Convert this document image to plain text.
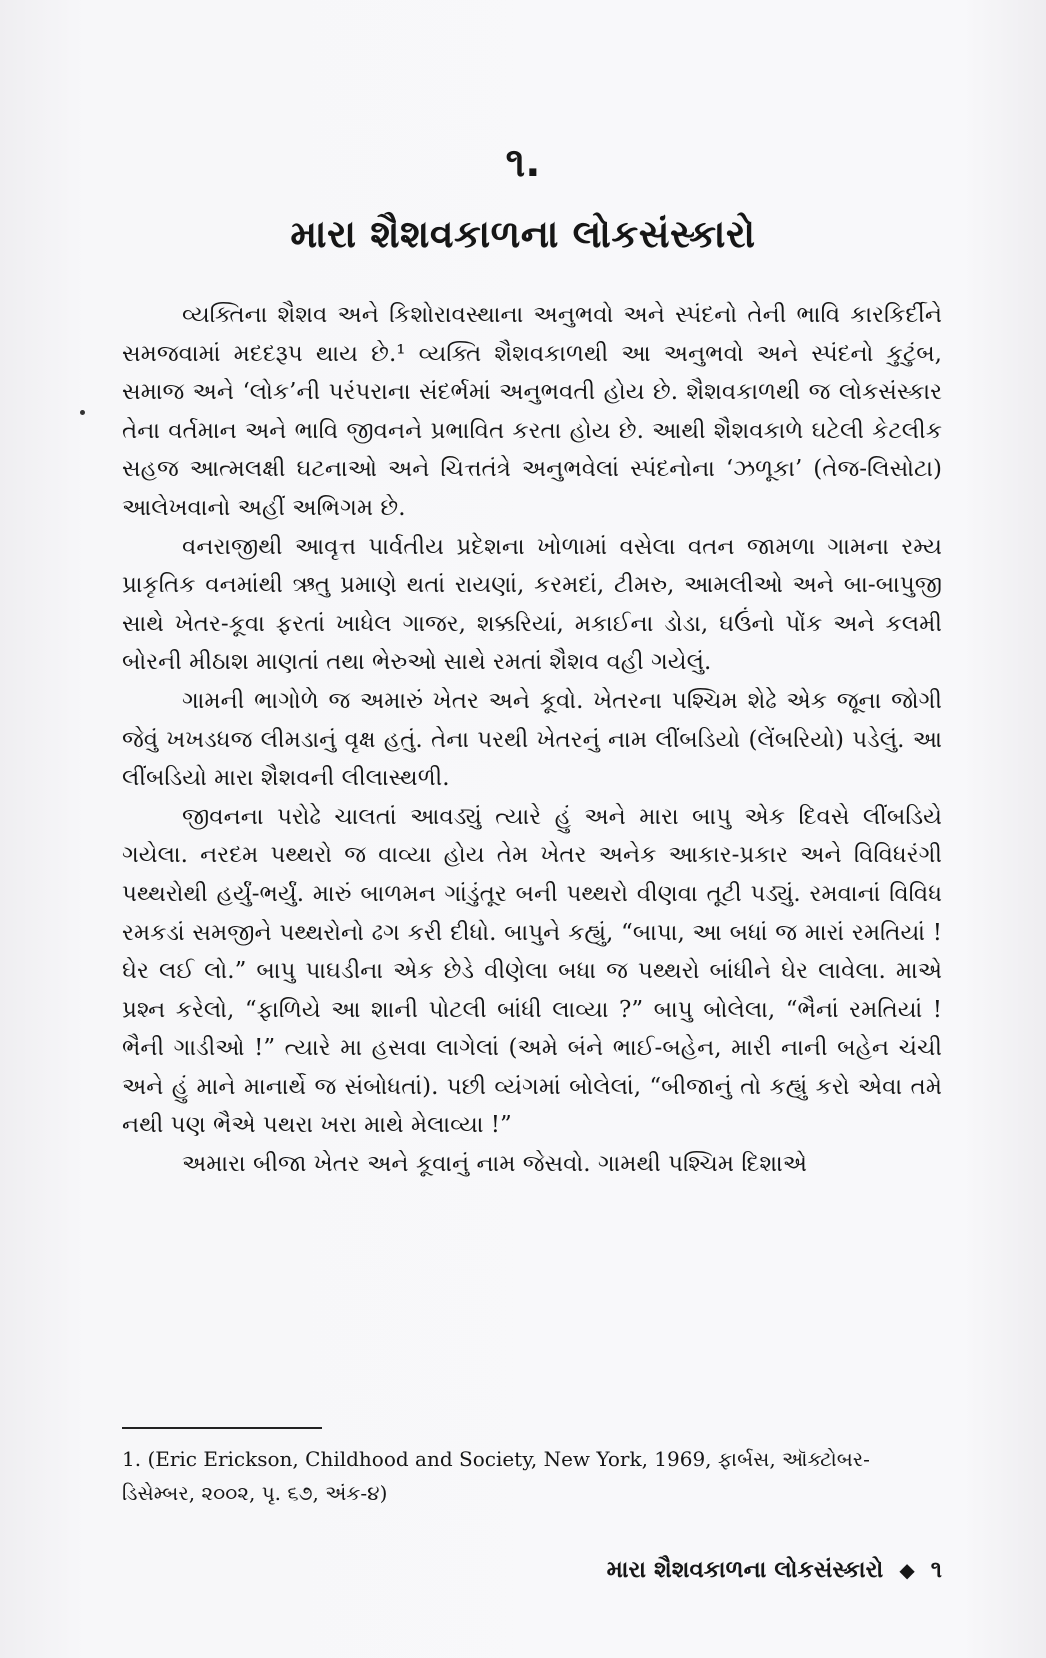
૧.
મારા શૈશવકાળના લોકસંસ્કારો

વ્યક્તિના શૈશવ અને કિશોરાવસ્થાના અનુભવો અને સ્પંદનો તેની ભાવિ કારકિર્દીને સમજવામાં મદદરૂપ થાય છે.¹ વ્યક્તિ શૈશવકાળથી આ અનુભવો અને સ્પંદનો કુટુંબ, સમાજ અને ‘લોક’ની પરંપરાના સંદર્ભમાં અનુભવતી હોય છે. શૈશવકાળથી જ લોકસંસ્કાર તેના વર્તમાન અને ભાવિ જીવનને પ્રભાવિત કરતા હોય છે. આથી શૈશવકાળે ઘટેલી કેટલીક સહજ આત્મલક્ષી ઘટનાઓ અને ચિત્તતંત્રે અનુભવેલાં સ્પંદનોના ‘ઝળૂકા’ (તેજ-લિસોટા) આલેખવાનો અહીં અભિગમ છે.

વનરાજીથી આવૃત્ત પાર્વતીય પ્રદેશના ખોળામાં વસેલા વતન જામળા ગામના રમ્ય પ્રાકૃતિક વનમાંથી ઋતુ પ્રમાણે થતાં રાયણાં, કરમદાં, ટીમરુ, આમલીઓ અને બા-બાપુજી સાથે ખેતર-કૂવા ફરતાં ખાધેલ ગાજર, શક્કરિયાં, મકાઈના ડોડા, ઘઉંનો પોંક અને કલમી બોરની મીઠાશ માણતાં તથા ભેરુઓ સાથે રમતાં શૈશવ વહી ગયેલું.

ગામની ભાગોળે જ અમારું ખેતર અને કૂવો. ખેતરના પશ્ચિમ શેઢે એક જૂના જોગી જેવું ખખડધજ લીમડાનું વૃક્ષ હતું. તેના પરથી ખેતરનું નામ લીંબડિયો (લેંબરિયો) પડેલું. આ લીંબડિયો મારા શૈશવની લીલાસ્થળી.

જીવનના પરોઢે ચાલતાં આવડ્યું ત્યારે હું અને મારા બાપુ એક દિવસે લીંબડિયે ગયેલા. નરદમ પથ્થરો જ વાવ્યા હોય તેમ ખેતર અનેક આકાર-પ્રકાર અને વિવિધરંગી પથ્થરોથી હર્યું-ભર્યું. મારું બાળમન ગાંડુંતૂર બની પથ્થરો વીણવા તૂટી પડ્યું. રમવાનાં વિવિધ રમકડાં સમજીને પથ્થરોનો ઢગ કરી દીધો. બાપુને કહ્યું, “બાપા, આ બધાં જ મારાં રમતિયાં ! ઘેર લઈ લો.” બાપુ પાઘડીના એક છેડે વીણેલા બધા જ પથ્થરો બાંધીને ઘેર લાવેલા. માએ પ્રશ્ન કરેલો, “ફાળિયે આ શાની પોટલી બાંધી લાવ્યા ?” બાપુ બોલેલા, “ભૈનાં રમતિયાં ! ભૈની ગાડીઓ !” ત્યારે મા હસવા લાગેલાં (અમે બંને ભાઈ-બહેન, મારી નાની બહેન ચંચી અને હું માને માનાર્થે જ સંબોધતાં). પછી વ્યંગમાં બોલેલાં, “બીજાનું તો કહ્યું કરો એવા તમે નથી પણ ભૈએ પથરા ખરા માથે મેલાવ્યા !”

અમારા બીજા ખેતર અને કૂવાનું નામ જેસવો. ગામથી પશ્ચિમ દિશાએ

1. (Eric Erickson, Childhood and Society, New York, 1969, ફાર્બસ, ઑક્ટોબર-ડિસેમ્બર, ૨૦૦૨, પૃ. ૬૭, અંક-૪)
મારા શૈશવકાળના લોકસંસ્કારો ◆ ૧
